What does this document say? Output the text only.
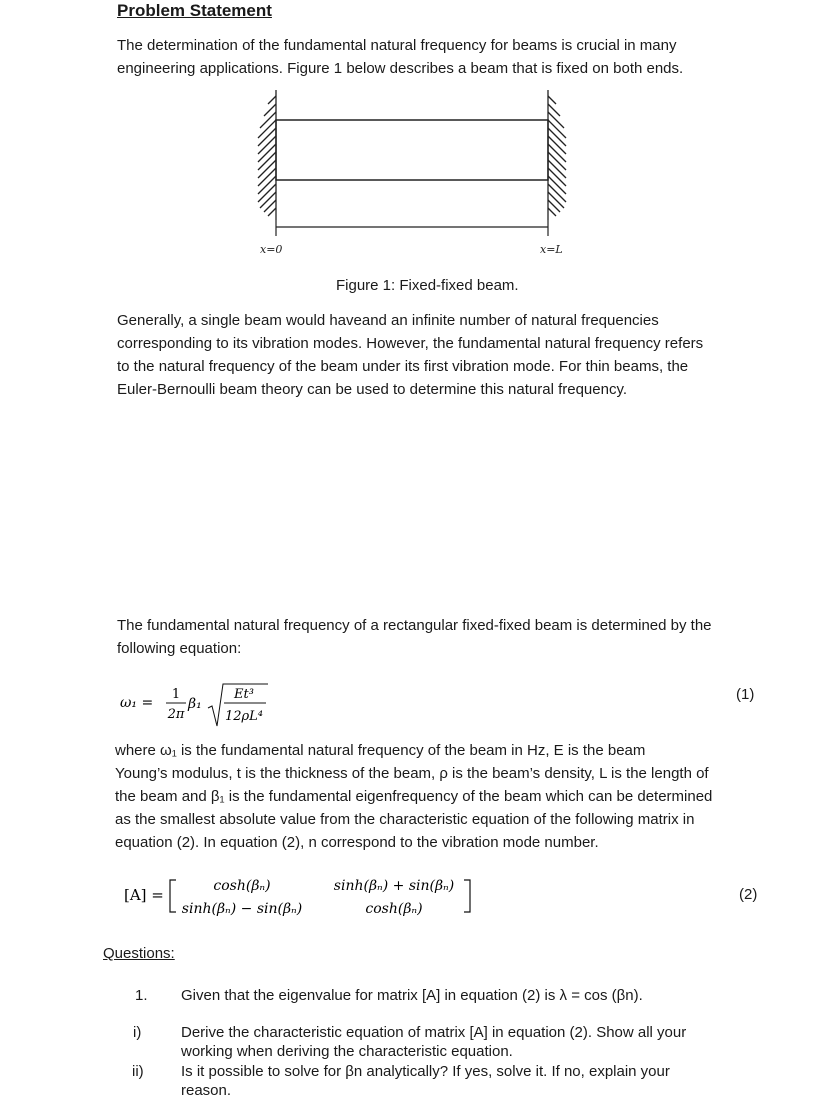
Problem Statement
The determination of the fundamental natural frequency for beams is crucial in many
engineering applications. Figure 1 below describes a beam that is fixed on both ends.
x=0	x=L
Figure 1: Fixed-fixed beam.
Generally, a single beam would haveand an infinite number of natural frequencies
corresponding to its vibration modes. However, the fundamental natural frequency refers
to the natural frequency of the beam under its first vibration mode. For thin beams, the
Euler-Bernoulli beam theory can be used to determine this natural frequency.
The fundamental natural frequency of a rectangular fixed-fixed beam is determined by the
following equation:
ω₁ =
1
2π
β₁
Et³
12ρL⁴
(1)
where ω₁ is the fundamental natural frequency of the beam in Hz, E is the beam
Young’s modulus, t is the thickness of the beam, ρ is the beam’s density, L is the length of
the beam and β₁ is the fundamental eigenfrequency of the beam which can be determined
as the smallest absolute value from the characteristic equation of the following matrix in
equation (2). In equation (2), n correspond to the vibration mode number.
[A] =	cosh(βₙ)	sinh(βₙ) + sin(βₙ)
sinh(βₙ) − sin(βₙ)	cosh(βₙ)
(2)
Questions:
1. Given that the eigenvalue for matrix [A] in equation (2) is λ = cos (βn).
i)	Derive the characteristic equation of matrix [A] in equation (2). Show all your
working when deriving the characteristic equation.
ii) Is it possible to solve for βn analytically? If yes, solve it. If no, explain your
reason.
